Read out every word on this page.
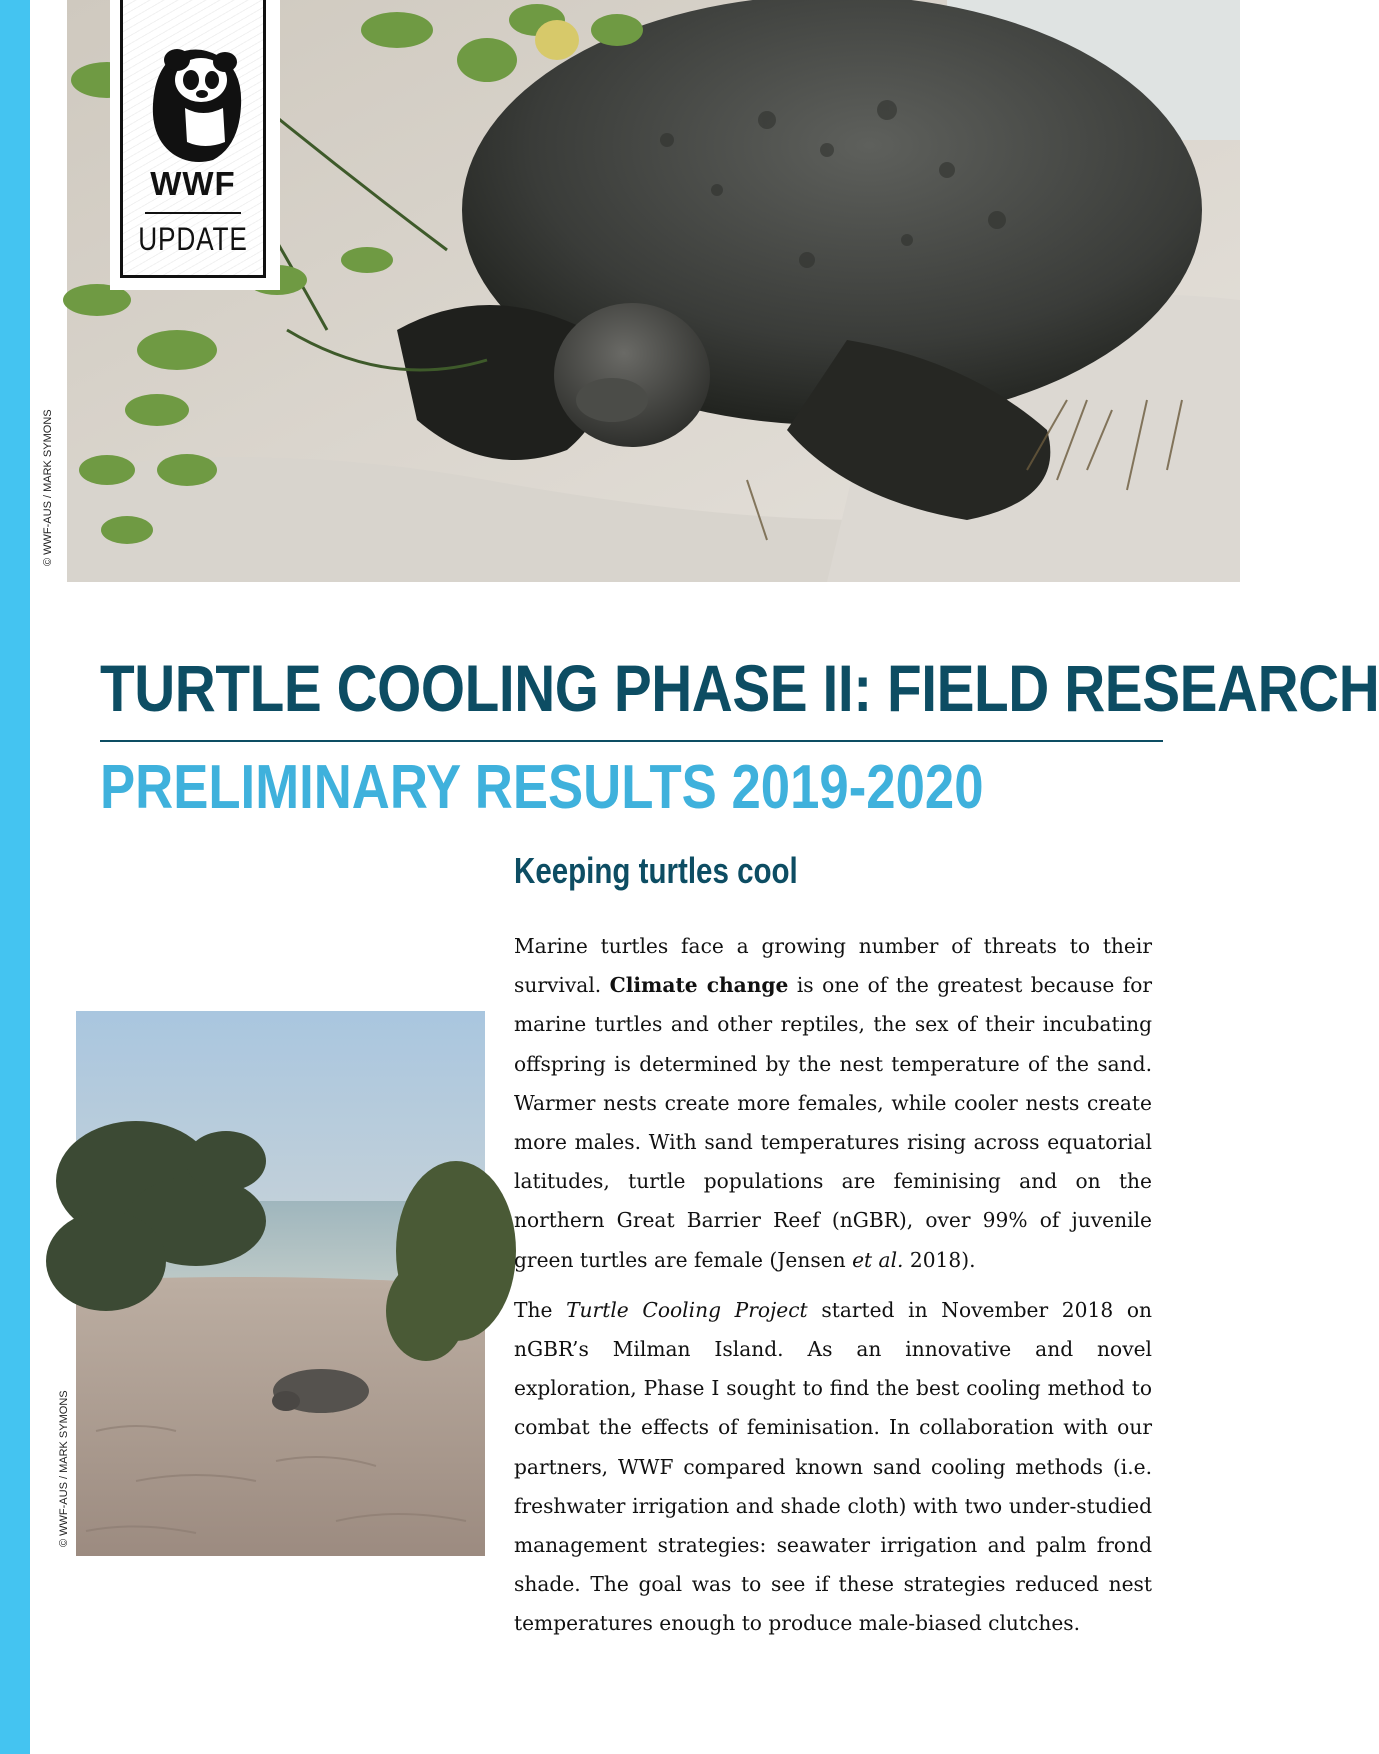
© WWF-AUS / MARK SYMONS
WWF
UPDATE
TURTLE COOLING PHASE II: FIELD RESEARCH
PRELIMINARY RESULTS 2019-2020
© WWF-AUS / MARK SYMONS
Keeping turtles cool

Marine turtles face a growing number of threats to their survival. Climate change is one of the greatest because for marine turtles and other reptiles, the sex of their incubating offspring is determined by the nest temperature of the sand. Warmer nests create more females, while cooler nests create more males. With sand temperatures rising across equatorial latitudes, turtle populations are feminising and on the northern Great Barrier Reef (nGBR), over 99% of juvenile green turtles are female (Jensen et al. 2018).

The Turtle Cooling Project started in November 2018 on nGBR’s Milman Island. As an innovative and novel exploration, Phase I sought to find the best cooling method to combat the effects of feminisation. In collaboration with our partners, WWF compared known sand cooling methods (i.e. freshwater irrigation and shade cloth) with two under-studied management strategies: seawater irrigation and palm frond shade. The goal was to see if these strategies reduced nest temperatures enough to produce male-biased clutches.
